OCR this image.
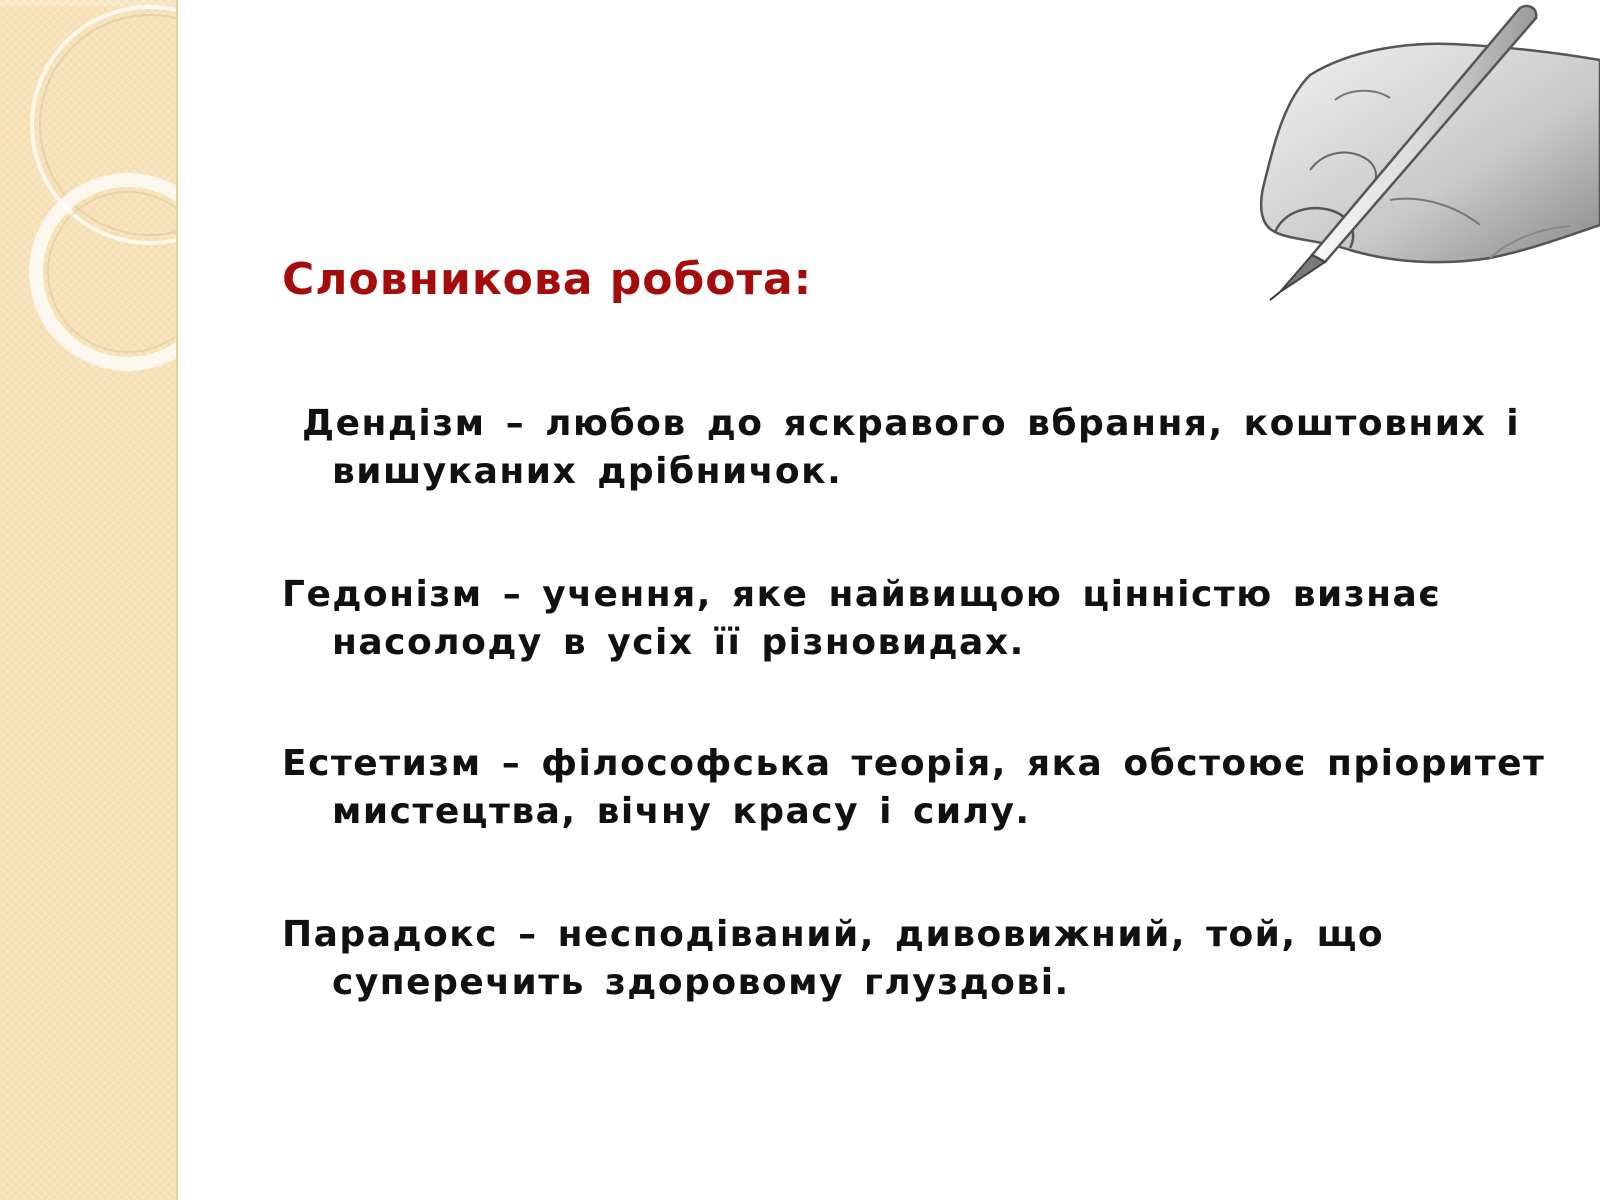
Словникова робота:

Дендізм – любов до яскравого вбрання, коштовних і вишуканих дрібничок.

Гедонізм – учення, яке найвищою цінністю визнає насолоду в усіх її різновидах.

Естетизм – філософська теорія, яка обстоює пріоритет мистецтва, вічну красу і силу.

Парадокс – несподіваний, дивовижний, той, що суперечить здоровому глуздові.
